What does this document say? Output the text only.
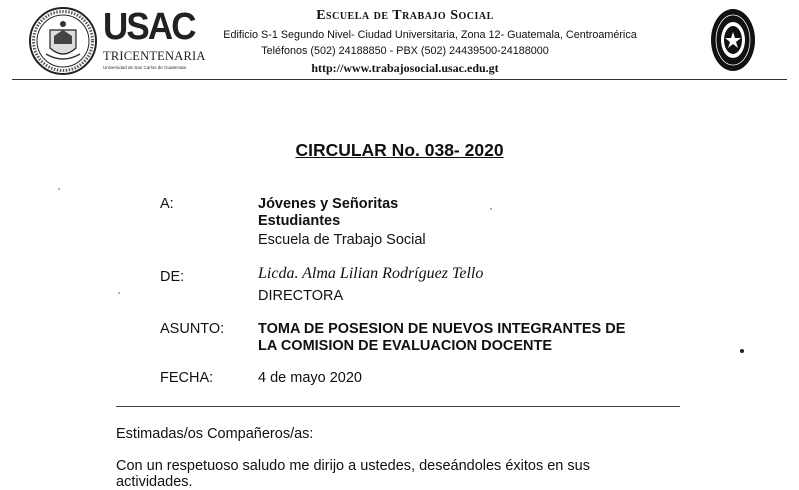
USAC
TRICENTENARIA
Universidad de San Carlos de Guatemala
Escuela de Trabajo Social
Edificio S-1 Segundo Nivel- Ciudad Universitaria, Zona 12- Guatemala, Centroamérica
Teléfonos (502) 24188850 - PBX (502) 24439500-24188000
http://www.trabajosocial.usac.edu.gt
CIRCULAR No. 038- 2020
A:	Jóvenes y Señoritas
Estudiantes
Escuela de Trabajo Social
DE:	Licda. Alma Lilian Rodríguez Tello
DIRECTORA
ASUNTO: TOMA DE POSESION DE NUEVOS INTEGRANTES DE
LA COMISION DE EVALUACION DOCENTE
FECHA:	4 de mayo 2020
Estimadas/os Compañeros/as:
Con un respetuoso saludo me dirijo a ustedes, deseándoles éxitos en sus
actividades.
